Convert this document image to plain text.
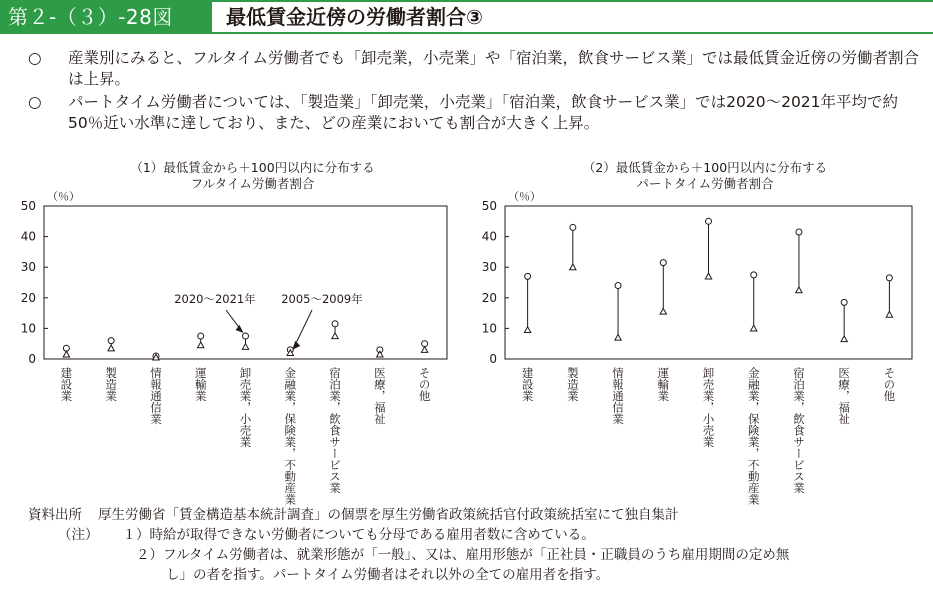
第２-（３）-28図	最低賃金近傍の労働者割合③

○ 産業別にみると、フルタイム労働者でも「卸売業，小売業」や「宿泊業，飲食サービス業」では最低賃金近傍の労働者割合は上昇。

○ パートタイム労働者については、「製造業」「卸売業，小売業」「宿泊業，飲食サービス業」では2020～2021年平均で約50％近い水準に達しており、また、どの産業においても割合が大きく上昇。

（1）最低賃金から＋100円以内に分布する
フルタイム労働者割合
（2）最低賃金から＋100円以内に分布する
パートタイム労働者割合
（％）
0
10
20
30
40
50
建設業	製造業	情報通信業	運輸業	卸売業，小売業	金融業，保険業，不動産業	宿泊業，飲食サービス業	医療，福祉	その他
2020～2021年 2005～2009年
（％）
0
10
20
30
40
50
建設業	製造業	情報通信業	運輸業	卸売業，小売業	金融業，保険業，不動産業	宿泊業，飲食サービス業	医療，福祉	その他
資料出所 厚生労働省「賃金構造基本統計調査」の個票を厚生労働省政策統括官付政策統括室にて独自集計
（注） １）時給が取得できない労働者についても分母である雇用者数に含めている。
２）フルタイム労働者は、就業形態が「一般」、又は、雇用形態が「正社員・正職員のうち雇用期間の定め無
し」の者を指す。パートタイム労働者はそれ以外の全ての雇用者を指す。
